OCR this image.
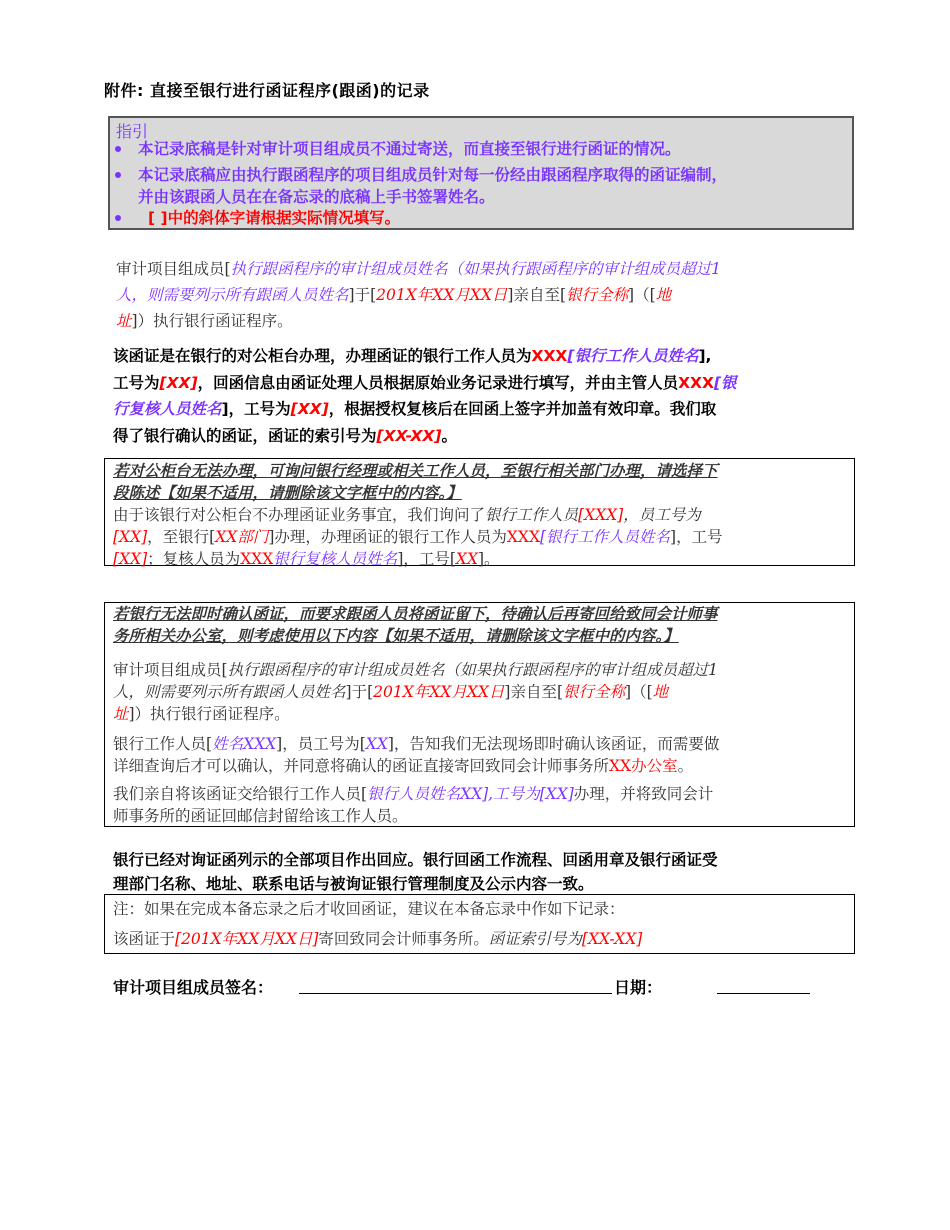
附件: 直接至银行进行函证程序(跟函)的记录
指引
本记录底稿是针对审计项目组成员不通过寄送，而直接至银行进行函证的情况。
本记录底稿应由执行跟函程序的项目组成员针对每一份经由跟函程序取得的函证编制，
并由该跟函人员在在备忘录的底稿上手书签署姓名。
[ ]中的斜体字请根据实际情况填写。
审计项目组成员[执行跟函程序的审计组成员姓名（如果执行跟函程序的审计组成员超过1
人，则需要列示所有跟函人员姓名]于[201X年XX月XX日]亲自至[银行全称]（[地
址]）执行银行函证程序。
该函证是在银行的对公柜台办理，办理函证的银行工作人员为XXX[银行工作人员姓名],
工号为[XX]，回函信息由函证处理人员根据原始业务记录进行填写，并由主管人员XXX[银
行复核人员姓名]，工号为[XX]，根据授权复核后在回函上签字并加盖有效印章。我们取
得了银行确认的函证，函证的索引号为[XX-XX]。
若对公柜台无法办理，可询问银行经理或相关工作人员，至银行相关部门办理，请选择下
段陈述【如果不适用，请删除该文字框中的内容。】
由于该银行对公柜台不办理函证业务事宜，我们询问了银行工作人员[XXX]，员工号为
[XX]，至银行[XX部门]办理，办理函证的银行工作人员为XXX[银行工作人员姓名]，工号
[XX]；复核人员为XXX银行复核人员姓名]，工号[XX]。
若银行无法即时确认函证，而要求跟函人员将函证留下，待确认后再寄回给致同会计师事
务所相关办公室，则考虑使用以下内容【如果不适用，请删除该文字框中的内容。】
审计项目组成员[执行跟函程序的审计组成员姓名（如果执行跟函程序的审计组成员超过1
人，则需要列示所有跟函人员姓名]于[201X年XX月XX日]亲自至[银行全称]（[地
址]）执行银行函证程序。
银行工作人员[姓名XXX]，员工号为[XX]，告知我们无法现场即时确认该函证，而需要做
详细查询后才可以确认，并同意将确认的函证直接寄回致同会计师事务所XX办公室。
我们亲自将该函证交给银行工作人员[银行人员姓名XX],工号为[XX]办理，并将致同会计
师事务所的函证回邮信封留给该工作人员。
银行已经对询证函列示的全部项目作出回应。银行回函工作流程、回函用章及银行函证受
理部门名称、地址、联系电话与被询证银行管理制度及公示内容一致。
注：如果在完成本备忘录之后才收回函证，建议在本备忘录中作如下记录：
该函证于[201X年XX月XX日]寄回致同会计师事务所。函证索引号为[XX-XX]
审计项目组成员签名：	日期：
